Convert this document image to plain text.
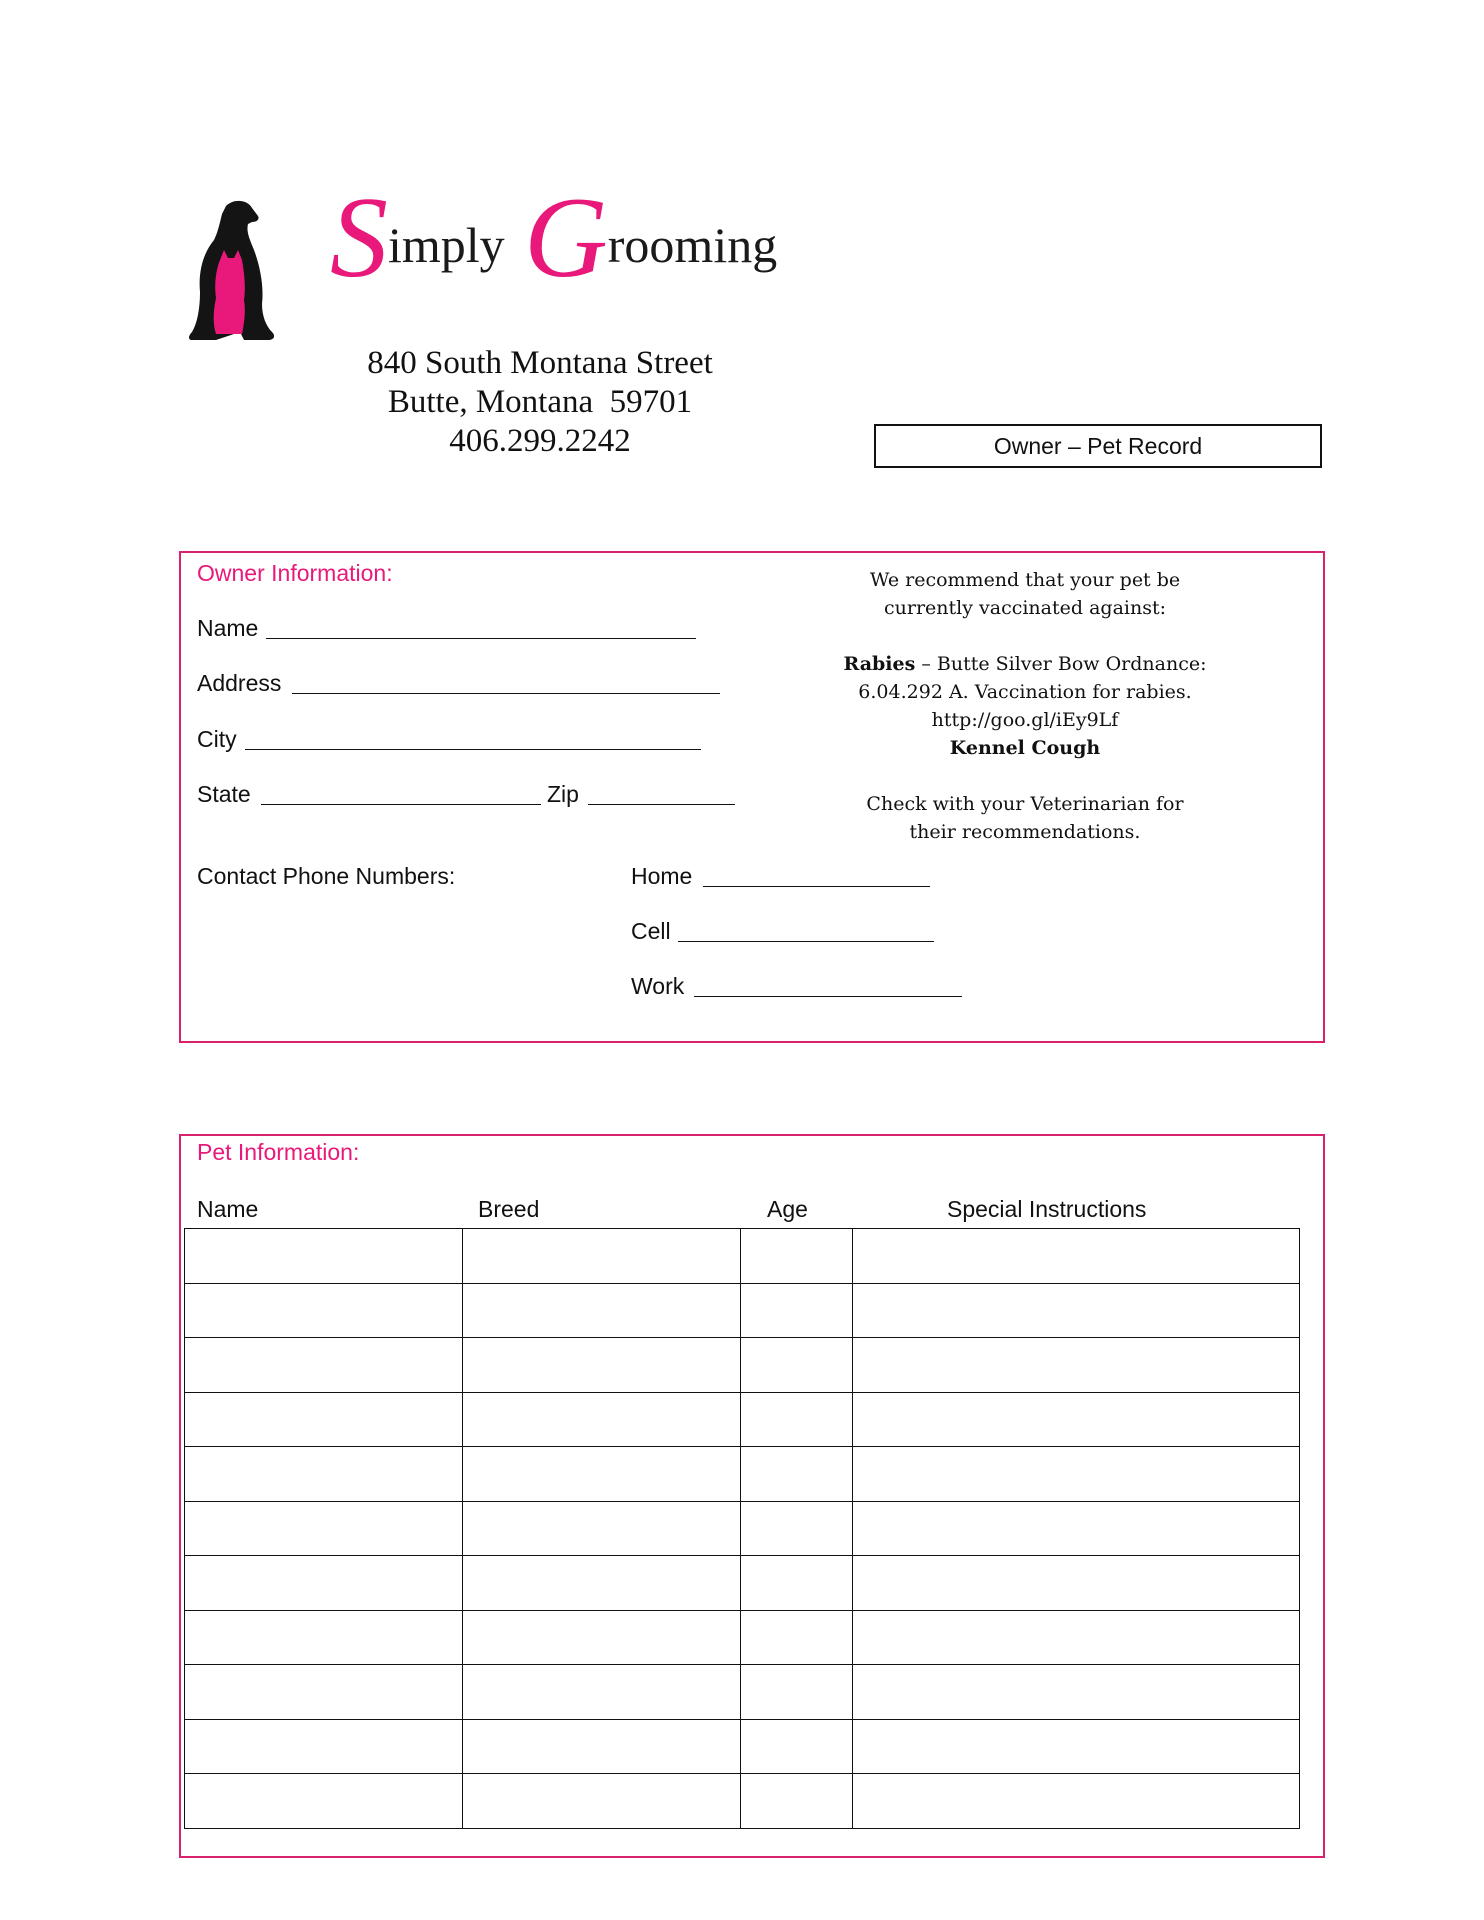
Simply Grooming
840 South Montana Street
Butte, Montana  59701
406.299.2242	Owner – Pet Record
Owner Information:
Name
Address
City
State	Zip
Contact Phone Numbers:	Home
Cell
Work
We recommend that your pet be currently vaccinated against:
Rabies – Butte Silver Bow Ordnance:
6.04.292 A. Vaccination for rabies.
http://goo.gl/iEy9Lf
Kennel Cough
Check with your Veterinarian for their recommendations.
Pet Information:
Name	Breed	Age	Special Instructions
